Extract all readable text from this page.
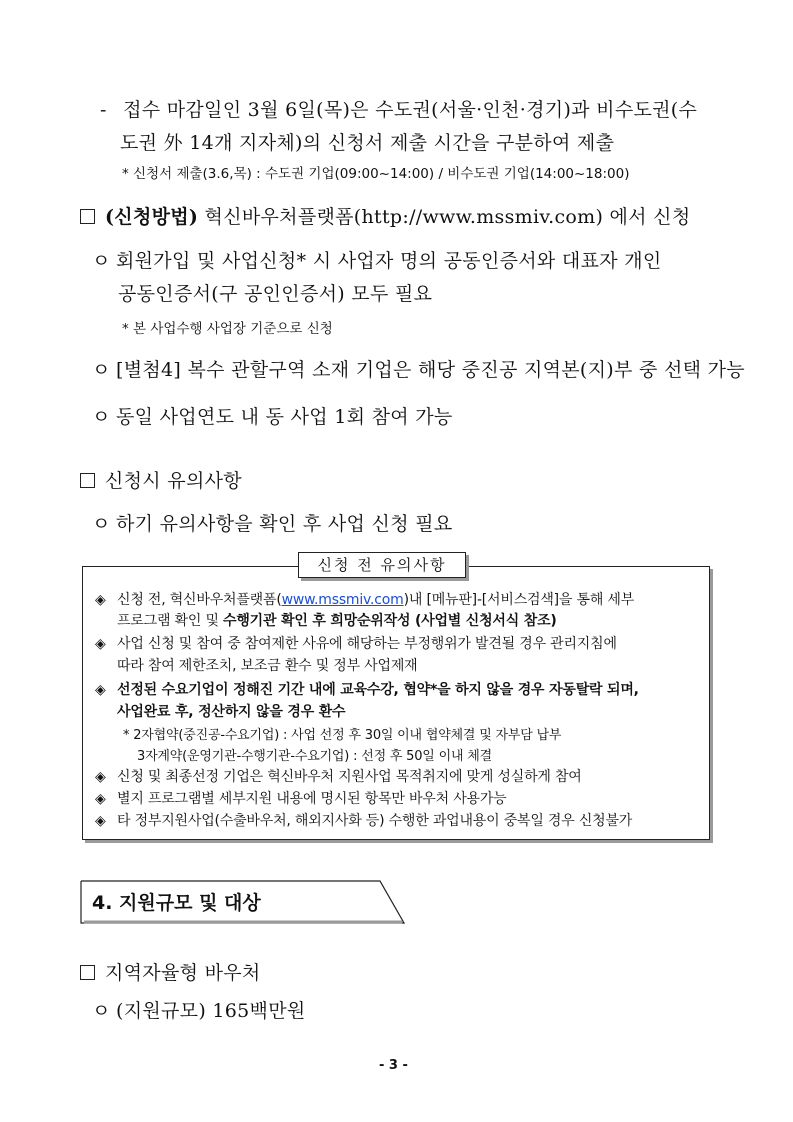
- 접수 마감일인 3월 6일(목)은 수도권(서울·인천·경기)과 비수도권(수
도권 外 14개 지자체)의 신청서 제출 시간을 구분하여 제출
* 신청서 제출(3.6,목) : 수도권 기업(09:00~14:00) / 비수도권 기업(14:00~18:00)
(신청방법) 혁신바우처플랫폼(http://www.mssmiv.com) 에서 신청
ㅇ 회원가입 및 사업신청* 시 사업자 명의 공동인증서와 대표자 개인
공동인증서(구 공인인증서) 모두 필요
* 본 사업수행 사업장 기준으로 신청
ㅇ [별첨4] 복수 관할구역 소재 기업은 해당 중진공 지역본(지)부 중 선택 가능
ㅇ 동일 사업연도 내 동 사업 1회 참여 가능
신청시 유의사항
ㅇ 하기 유의사항을 확인 후 사업 신청 필요
◈ 신청 전, 혁신바우처플랫폼(www.mssmiv.com)내 [메뉴판]-[서비스검색]을 통해 세부
프로그램 확인 및 수행기관 확인 후 희망순위작성 (사업별 신청서식 참조)
◈ 사업 신청 및 참여 중 참여제한 사유에 해당하는 부정행위가 발견될 경우 관리지침에
따라 참여 제한조치, 보조금 환수 및 정부 사업제재
◈ 선정된 수요기업이 정해진 기간 내에 교육수강, 협약*을 하지 않을 경우 자동탈락 되며,
사업완료 후, 정산하지 않을 경우 환수
* 2자협약(중진공-수요기업) : 사업 선정 후 30일 이내 협약체결 및 자부담 납부
3자계약(운영기관-수행기관-수요기업) : 선정 후 50일 이내 체결
◈ 신청 및 최종선정 기업은 혁신바우처 지원사업 목적취지에 맞게 성실하게 참여
◈ 별지 프로그램별 세부지원 내용에 명시된 항목만 바우처 사용가능
◈ 타 정부지원사업(수출바우처, 해외지사화 등) 수행한 과업내용이 중복일 경우 신청불가
신청 전 유의사항
4. 지원규모 및 대상
지역자율형 바우처
ㅇ (지원규모) 165백만원
- 3 -
